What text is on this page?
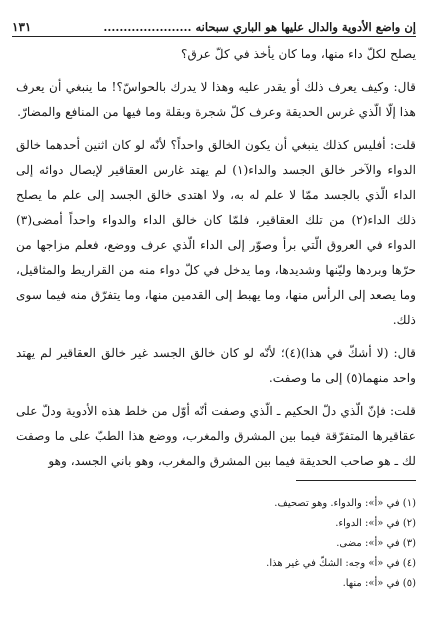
إن واضع الأدوية والدال عليها هو الباري سبحانه ......................
١٣١

يصلح لكلّ داء منها، وما كان يأخذ في كلّ عرق؟

قال: وكيف يعرف ذلك أو يقدر عليه وهذا لا يدرك بالحواسّ؟! ما ينبغي أن يعرف هذا إلّا الّذي غرس الحديقة وعرف كلّ شجرة وبقلة وما فيها من المنافع والمضارّ.

قلت: أفليس كذلك ينبغي أن يكون الخالق واحداً؟ لأنّه لو كان اثنين أحدهما خالق الدواء والآخر خالق الجسد والداء(١) لم يهتد غارس العقاقير لإيصال دوائه إلى الداء الّذي بالجسد ممّا لا علم له به، ولا اهتدى خالق الجسد إلى علم ما يصلح ذلك الداء(٢) من تلك العقاقير، فلمّا كان خالق الداء والدواء واحداً أمضى(٣) الدواء في العروق الّتي برأ وصوّر إلى الداء الّذي عرف ووضع، فعلم مزاجها من حرّها وبردها وليّنها وشديدها، وما يدخل في كلّ دواء منه من القراريط والمثاقيل، وما يصعد إلى الرأس منها، وما يهبط إلى القدمين منها، وما يتفرّق منه فيما سوى ذلك.

قال: (لا أشكّ في هذا)(٤)؛ لأنّه لو كان خالق الجسد غير خالق العقاقير لم يهتد واحد منهما(٥) إلى ما وصفت.

قلت: فإنّ الّذي دلّ الحكيم ـ الّذي وصفت أنّه أوّل من خلط هذه الأدوية ودلّ على عقاقيرها المتفرّقة فيما بين المشرق والمغرب، ووضع هذا الطبّ على ما وصفت لك ـ هو صاحب الحديقة فيما بين المشرق والمغرب، وهو باني الجسد، وهو

(١) في «أ»: والدواء. وهو تصحيف.
(٢) في «أ»: الدواء.
(٣) في «أ»: مضى.
(٤) في «أ» وجه: الشكّ في غير هذا.
(٥) في «أ»: منها.
